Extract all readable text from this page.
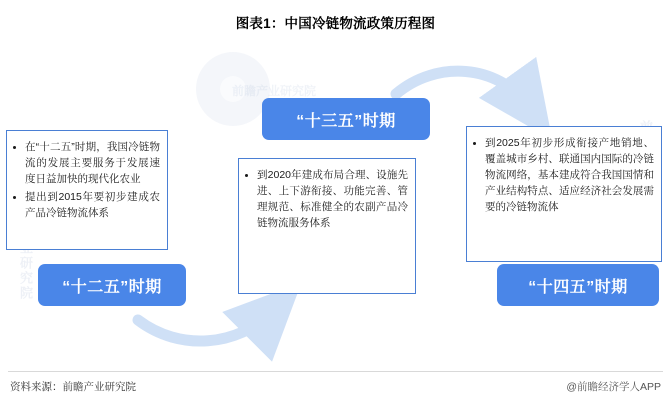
图表1：中国冷链物流政策历程图
前瞻产业研究院
• 在“十二五”时期，我国冷链物流的发展主要服务于发展速度日益加快的现代化农业
• 提出到2015年要初步建成农产品冷链物流体系
“十二五”时期
“十三五”时期
• 到2020年建成布局合理、设施先进、上下游衔接、功能完善、管理规范、标准健全的农副产品冷链物流服务体系
• 到2025年初步形成衔接产地销地、覆盖城市乡村、联通国内国际的冷链物流网络，基本建成符合我国国情和产业结构特点、适应经济社会发展需要的冷链物流体
“十四五”时期
资料来源：前瞻产业研究院	@前瞻经济学人APP
